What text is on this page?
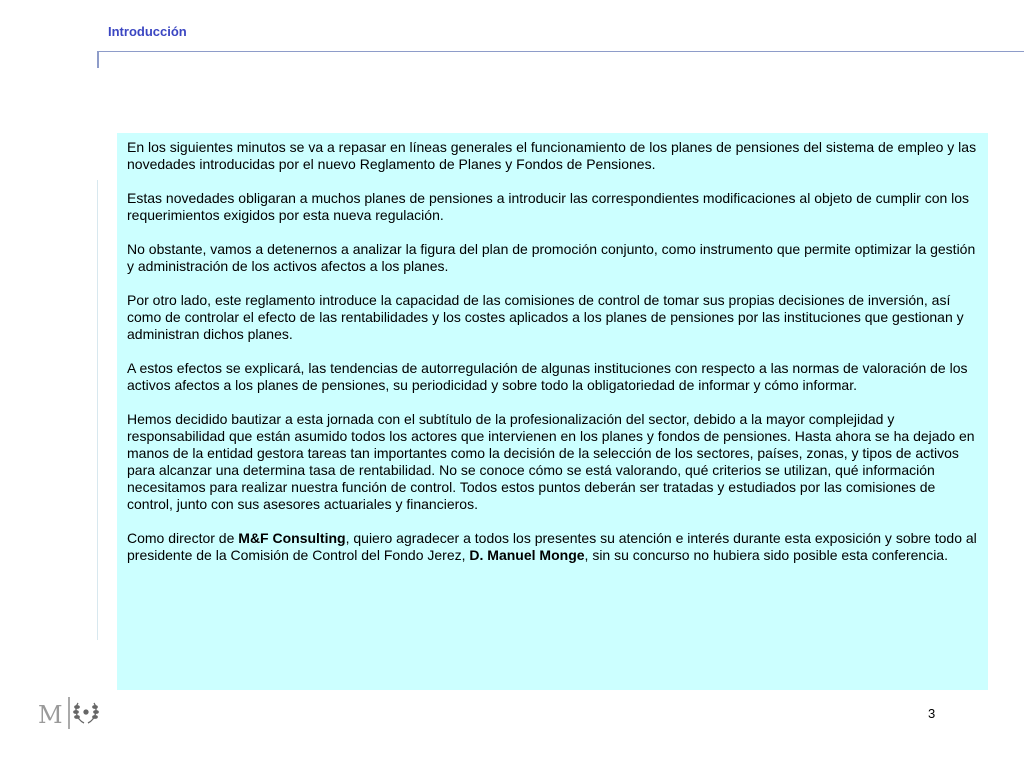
Introducción

En los siguientes minutos se va a repasar en líneas generales el funcionamiento de los planes de pensiones del sistema de empleo y las novedades introducidas por el nuevo Reglamento de Planes y Fondos de Pensiones.

Estas novedades obligaran a muchos planes de pensiones a introducir las correspondientes modificaciones al objeto de cumplir con los requerimientos exigidos por esta nueva regulación.

No obstante, vamos a detenernos a analizar la figura del plan de promoción conjunto, como instrumento que permite optimizar la gestión y administración de los activos afectos a los planes.

Por otro lado, este reglamento introduce la capacidad de las comisiones de control de tomar sus propias decisiones de inversión, así como de controlar el efecto de las rentabilidades y los costes aplicados a los planes de pensiones por las instituciones que gestionan y administran dichos planes.

A estos efectos se explicará, las tendencias de autorregulación de algunas instituciones con respecto a las normas de valoración de los activos afectos a los planes de pensiones, su periodicidad y sobre todo la obligatoriedad de informar y cómo informar.

Hemos decidido bautizar a esta jornada con el subtítulo de la profesionalización del sector, debido a la mayor complejidad y responsabilidad que están asumido todos los actores que intervienen en los planes y fondos de pensiones. Hasta ahora se ha dejado en manos de la entidad gestora tareas tan importantes como la decisión de la selección de los sectores, países, zonas, y tipos de activos para alcanzar una determina tasa de rentabilidad. No se conoce cómo se está valorando, qué criterios se utilizan, qué información necesitamos para realizar nuestra función de control. Todos estos puntos deberán ser tratadas y estudiados por las comisiones de control, junto con sus asesores actuariales y financieros.

Como director de M&F Consulting, quiero agradecer a todos los presentes su atención e interés durante esta exposición y sobre todo al presidente de la Comisión de Control del Fondo Jerez, D. Manuel Monge, sin su concurso no hubiera sido posible esta conferencia.

M	3
